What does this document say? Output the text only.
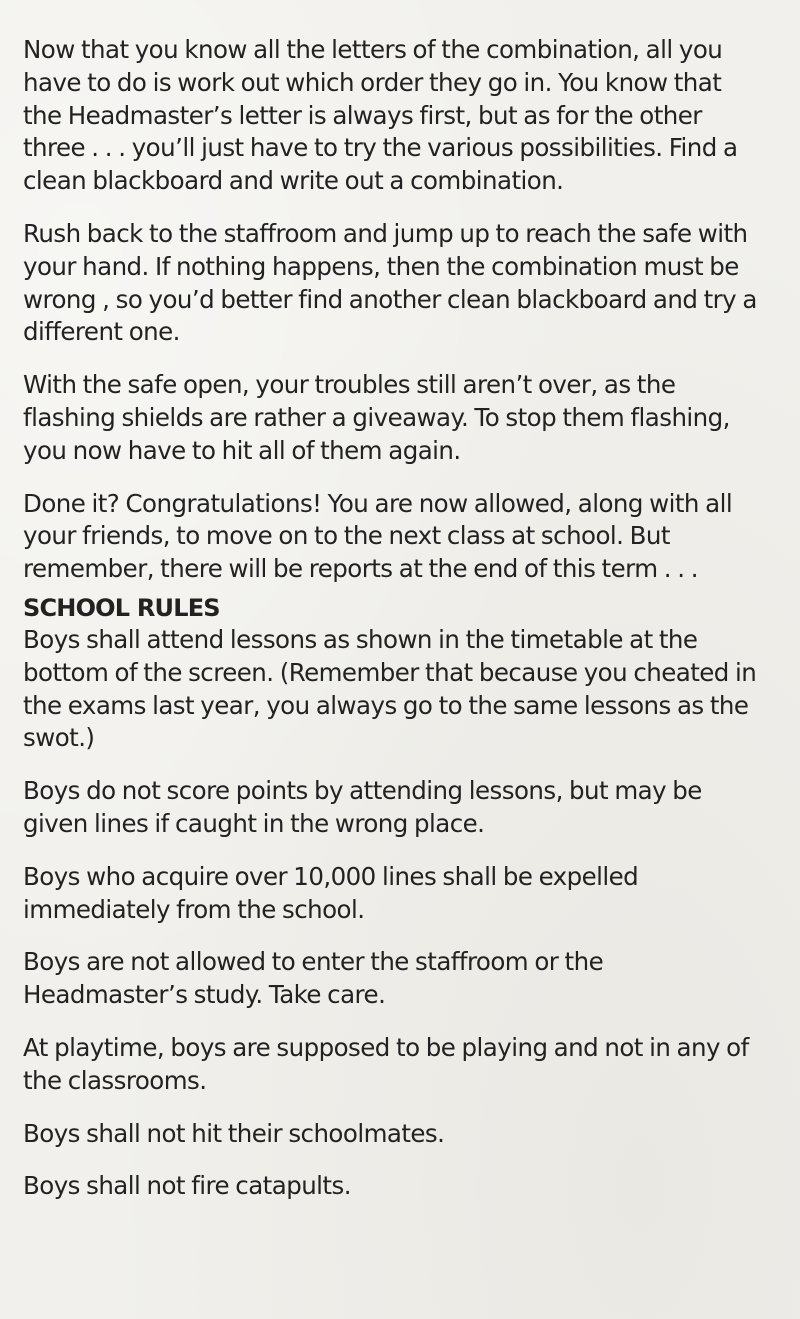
Now that you know all the letters of the combination, all you have to do is work out which order they go in. You know that the Headmaster’s letter is always first, but as for the other three . . . you’ll just have to try the various possibilities. Find a clean blackboard and write out a combination.

Rush back to the staffroom and jump up to reach the safe with your hand. If nothing happens, then the combination must be wrong , so you’d better find another clean blackboard and try a different one.

With the safe open, your troubles still aren’t over, as the flashing shields are rather a giveaway. To stop them flashing, you now have to hit all of them again.

Done it? Congratulations! You are now allowed, along with all your friends, to move on to the next class at school. But remember, there will be reports at the end of this term . . .

SCHOOL RULES

Boys shall attend lessons as shown in the timetable at the bottom of the screen. (Remember that because you cheated in the exams last year, you always go to the same lessons as the swot.)

Boys do not score points by attending lessons, but may be given lines if caught in the wrong place.

Boys who acquire over 10,000 lines shall be expelled immediately from the school.

Boys are not allowed to enter the staffroom or the Headmaster’s study. Take care.

At playtime, boys are supposed to be playing and not in any of the classrooms.

Boys shall not hit their schoolmates.

Boys shall not fire catapults.
